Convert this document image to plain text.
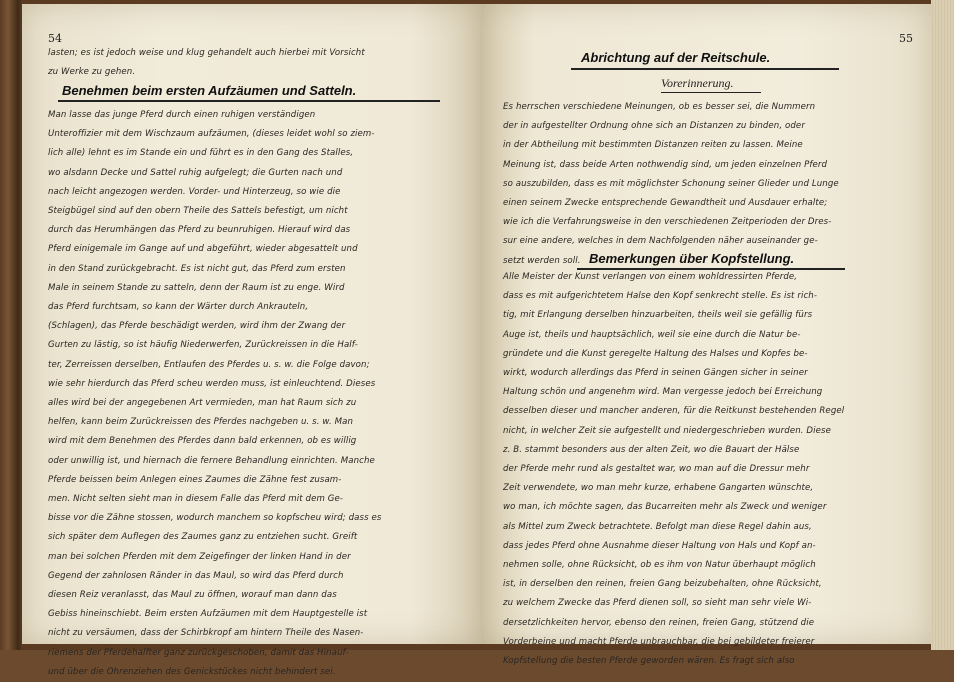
54
lasten; es ist jedoch weise und klug gehandelt auch hierbei mit Vorsicht
zu Werke zu gehen.
Benehmen beim ersten Aufzäumen und Satteln.
Man lasse das junge Pferd durch einen ruhigen verständigen
Unteroffizier mit dem Wischzaum aufzäumen, (dieses leidet wohl so ziem-
lich alle) lehnt es im Stande ein und führt es in den Gang des Stalles,
wo alsdann Decke und Sattel ruhig aufgelegt; die Gurten nach und
nach leicht angezogen werden. Vorder- und Hinterzeug, so wie die
Steigbügel sind auf den obern Theile des Sattels befestigt, um nicht
durch das Herumhängen das Pferd zu beunruhigen. Hierauf wird das
Pferd einigemale im Gange auf und abgeführt, wieder abgesattelt und
in den Stand zurückgebracht. Es ist nicht gut, das Pferd zum ersten
Male in seinem Stande zu satteln, denn der Raum ist zu enge. Wird
das Pferd furchtsam, so kann der Wärter durch Ankrauteln,
(Schlagen), das Pferde beschädigt werden, wird ihm der Zwang der
Gurten zu lästig, so ist häufig Niederwerfen, Zurückreissen in die Half-
ter, Zerreissen derselben, Entlaufen des Pferdes u. s. w. die Folge davon;
wie sehr hierdurch das Pferd scheu werden muss, ist einleuchtend. Dieses
alles wird bei der angegebenen Art vermieden, man hat Raum sich zu
helfen, kann beim Zurückreissen des Pferdes nachgeben u. s. w. Man
wird mit dem Benehmen des Pferdes dann bald erkennen, ob es willig
oder unwillig ist, und hiernach die fernere Behandlung einrichten. Manche
Pferde beissen beim Anlegen eines Zaumes die Zähne fest zusam-
men. Nicht selten sieht man in diesem Falle das Pferd mit dem Ge-
bisse vor die Zähne stossen, wodurch manchem so kopfscheu wird; dass es
sich später dem Auflegen des Zaumes ganz zu entziehen sucht. Greift
man bei solchen Pferden mit dem Zeigefinger der linken Hand in der
Gegend der zahnlosen Ränder in das Maul, so wird das Pferd durch
diesen Reiz veranlasst, das Maul zu öffnen, worauf man dann das
Gebiss hineinschiebt. Beim ersten Aufzäumen mit dem Hauptgestelle ist
nicht zu versäumen, dass der Schirbkropf am hintern Theile des Nasen-
riemens der Pferdehalfter ganz zurückgeschoben, damit das Hinauf-
und über die Ohrenziehen des Genickstückes nicht behindert sei.
55
Abrichtung auf der Reitschule.
Vorerinnerung.
Es herrschen verschiedene Meinungen, ob es besser sei, die Nummern
der in aufgestellter Ordnung ohne sich an Distanzen zu binden, oder
in der Abtheilung mit bestimmten Distanzen reiten zu lassen. Meine
Meinung ist, dass beide Arten nothwendig sind, um jeden einzelnen Pferd
so auszubilden, dass es mit möglichster Schonung seiner Glieder und Lunge
einen seinem Zwecke entsprechende Gewandtheit und Ausdauer erhalte;
wie ich die Verfahrungsweise in den verschiedenen Zeitperioden der Dres-
sur eine andere, welches in dem Nachfolgenden näher auseinander ge-
setzt werden soll. Bemerkungen über Kopfstellung.
Alle Meister der Kunst verlangen von einem wohldressirten Pferde,
dass es mit aufgerichtetem Halse den Kopf senkrecht stelle. Es ist rich-
tig, mit Erlangung derselben hinzuarbeiten, theils weil sie gefällig fürs
Auge ist, theils und hauptsächlich, weil sie eine durch die Natur be-
gründete und die Kunst geregelte Haltung des Halses und Kopfes be-
wirkt, wodurch allerdings das Pferd in seinen Gängen sicher in seiner
Haltung schön und angenehm wird. Man vergesse jedoch bei Erreichung
desselben dieser und mancher anderen, für die Reitkunst bestehenden Regel
nicht, in welcher Zeit sie aufgestellt und niedergeschrieben wurden. Diese
z. B. stammt besonders aus der alten Zeit, wo die Bauart der Hälse
der Pferde mehr rund als gestaltet war, wo man auf die Dressur mehr
Zeit verwendete, wo man mehr kurze, erhabene Gangarten wünschte,
wo man, ich möchte sagen, das Bucarreiten mehr als Zweck und weniger
als Mittel zum Zweck betrachtete. Befolgt man diese Regel dahin aus,
dass jedes Pferd ohne Ausnahme dieser Haltung von Hals und Kopf an-
nehmen solle, ohne Rücksicht, ob es ihm von Natur überhaupt möglich
ist, in derselben den reinen, freien Gang beizubehalten, ohne Rücksicht,
zu welchem Zwecke das Pferd dienen soll, so sieht man sehr viele Wi-
dersetzlichkeiten hervor, ebenso den reinen, freien Gang, stützend die
Vorderbeine und macht Pferde unbrauchbar, die bei gebildeter freierer
Kopfstellung die besten Pferde geworden wären. Es fragt sich also
